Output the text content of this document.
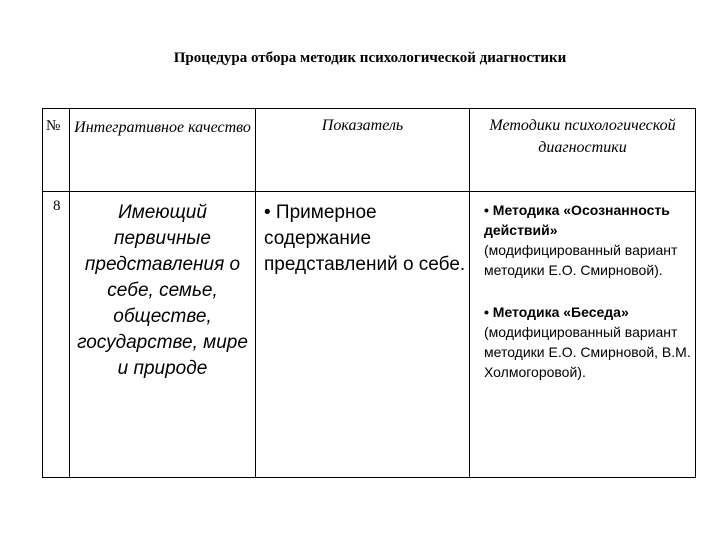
Процедура отбора методик психологической диагностики
№	Интегративное качество	Показатель	Методики психологической диагностики
8	Имеющий первичные представления о себе, семье, обществе, государстве, мире и природе	• Примерное содержание представлений о себе.	• Методика «Осознанность действий» (модифицированный вариант методики Е.О. Смирновой).

• Методика «Беседа» (модифицированный вариант методики Е.О. Смирновой, В.М. Холмогоровой).
